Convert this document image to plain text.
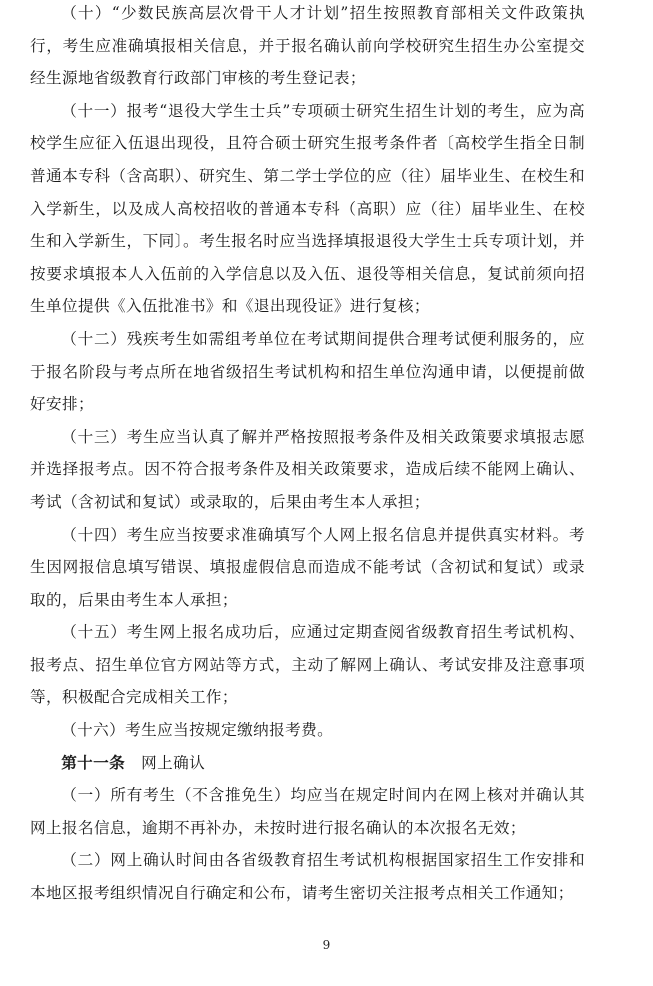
（十）“少数民族高层次骨干人才计划”招生按照教育部相关文件政策执行，考生应准确填报相关信息，并于报名确认前向学校研究生招生办公室提交经生源地省级教育行政部门审核的考生登记表；

（十一）报考“退役大学生士兵”专项硕士研究生招生计划的考生，应为高校学生应征入伍退出现役，且符合硕士研究生报考条件者〔高校学生指全日制普通本专科（含高职）、研究生、第二学士学位的应（往）届毕业生、在校生和入学新生，以及成人高校招收的普通本专科（高职）应（往）届毕业生、在校生和入学新生，下同〕。考生报名时应当选择填报退役大学生士兵专项计划，并按要求填报本人入伍前的入学信息以及入伍、退役等相关信息，复试前须向招生单位提供《入伍批准书》和《退出现役证》进行复核；

（十二）残疾考生如需组考单位在考试期间提供合理考试便利服务的，应于报名阶段与考点所在地省级招生考试机构和招生单位沟通申请，以便提前做好安排；

（十三）考生应当认真了解并严格按照报考条件及相关政策要求填报志愿并选择报考点。因不符合报考条件及相关政策要求，造成后续不能网上确认、考试（含初试和复试）或录取的，后果由考生本人承担；

（十四）考生应当按要求准确填写个人网上报名信息并提供真实材料。考生因网报信息填写错误、填报虚假信息而造成不能考试（含初试和复试）或录取的，后果由考生本人承担；

（十五）考生网上报名成功后，应通过定期查阅省级教育招生考试机构、报考点、招生单位官方网站等方式，主动了解网上确认、考试安排及注意事项等，积极配合完成相关工作；

（十六）考生应当按规定缴纳报考费。

第十一条 网上确认

（一）所有考生（不含推免生）均应当在规定时间内在网上核对并确认其网上报名信息，逾期不再补办，未按时进行报名确认的本次报名无效；

（二）网上确认时间由各省级教育招生考试机构根据国家招生工作安排和本地区报考组织情况自行确定和公布，请考生密切关注报考点相关工作通知；

9
